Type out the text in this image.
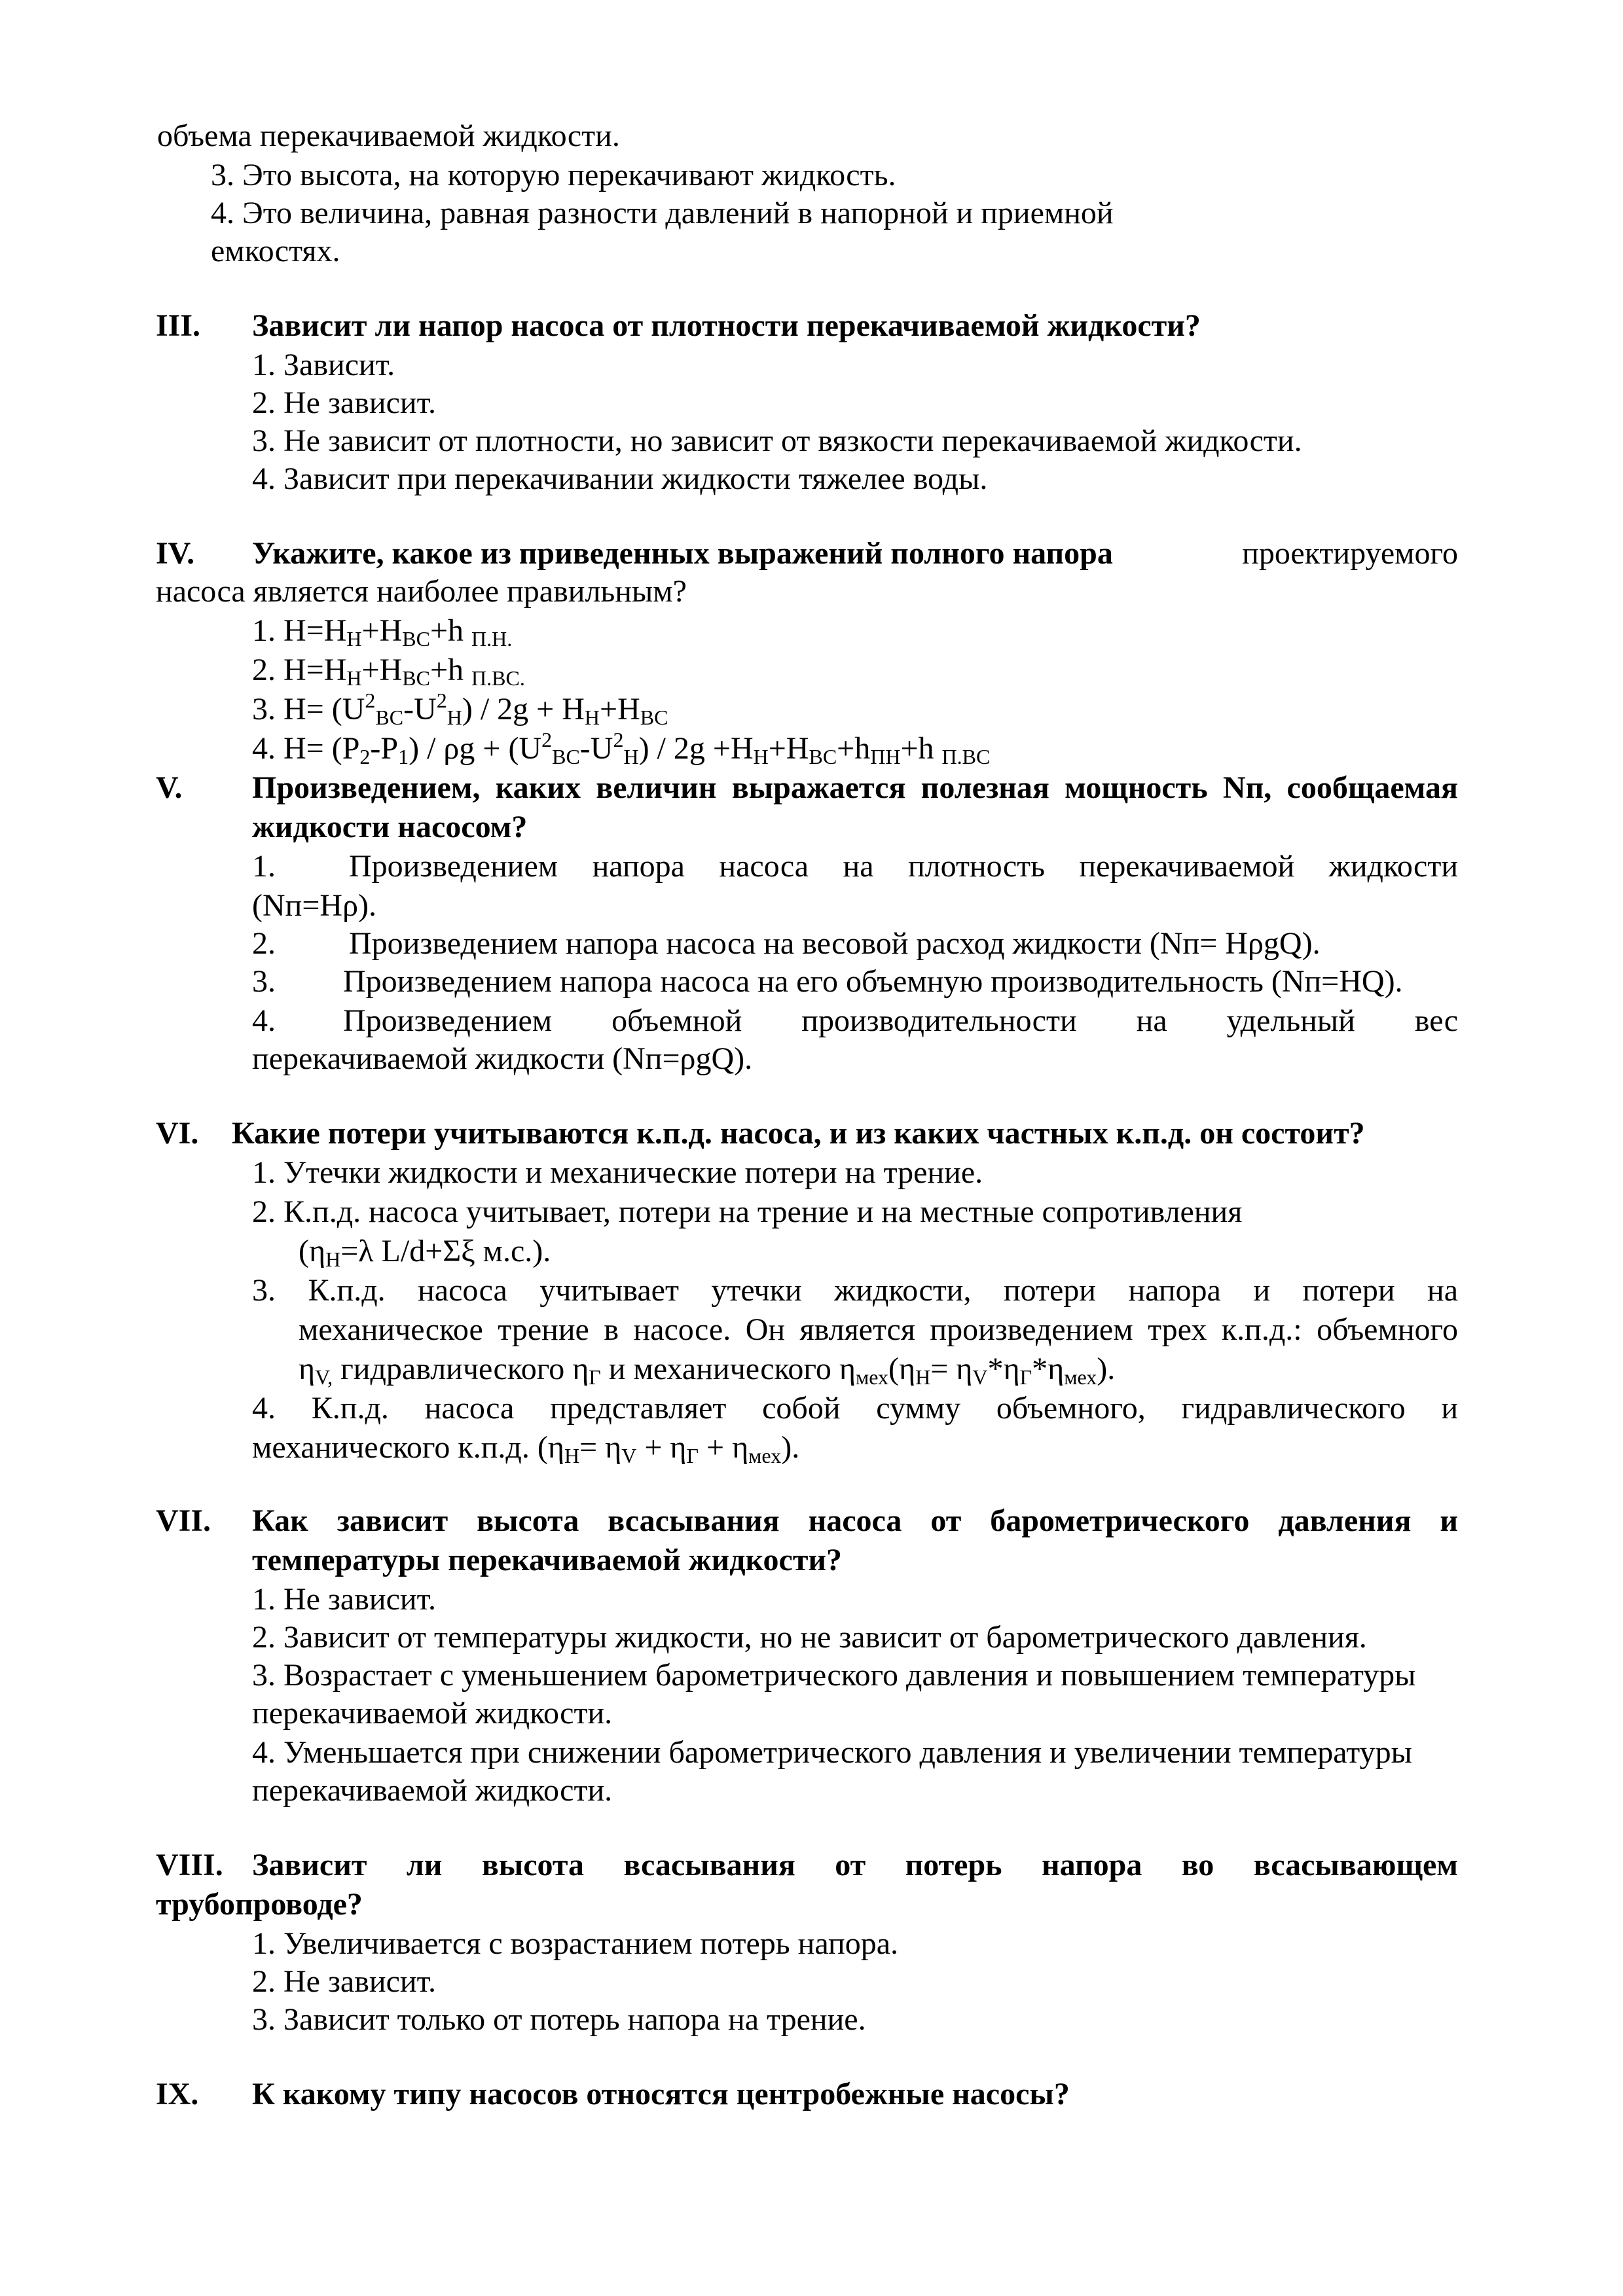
объема перекачиваемой жидкости.
3. Это высота, на которую перекачивают жидкость.
4. Это величина, равная разности давлений в напорной и приемной
емкостях.
III. Зависит ли напор насоса от плотности перекачиваемой жидкости?
1. Зависит.
2. Не зависит.
3. Не зависит от плотности, но зависит от вязкости перекачиваемой жидкости.
4. Зависит при перекачивании жидкости тяжелее воды.
IV. Укажите, какое из приведенных выражений полного напора	проектируемого
насоса является наиболее правильным?
1. $H=H_H+H_{BC}+h$ $_{П.Н.}$
2. $H=H_H+H_{BC}+h$ $_{П.ВС.}$
3. $H= (U^2_{BC}-U^2_H) / 2g + H_H+H_{BC}$
4. $H= (P_2-P_1) / \rho g + (U^2_{BC}-U^2_H) / 2g +H_H+H_{BC}+h_{ПН}+h$ $_{П.ВС}$
V. Произведением, каких величин выражается полезная мощность Nп, сообщаемая
жидкости насосом?
1. Произведением напора насоса на плотность перекачиваемой жидкости
(Nп=Hρ).
2. Произведением напора насоса на весовой расход жидкости (Nп= HρgQ).
3. Произведением напора насоса на его объемную производительность (Nп=HQ).
4. Произведением объемной производительности на удельный вес
перекачиваемой жидкости (Nп=ρgQ).
VI. Какие потери учитываются к.п.д. насоса, и из каких частных к.п.д. он состоит?
1. Утечки жидкости и механические потери на трение.
2. К.п.д. насоса учитывает, потери на трение и на местные сопротивления
($\eta_Н=\lambda$ L/d+Σξ м.с.).
3. К.п.д. насоса учитывает утечки жидкости, потери напора и потери на
механическое трение в насосе. Он является произведением трех к.п.д.: объемного
$\eta_{V,}$ гидравлического $\eta_Г$ и механического $\eta_{мех}(\eta_Н= \eta_V*\eta_Г*\eta_{мех})$.
4. К.п.д. насоса представляет собой сумму объемного, гидравлического и
механического к.п.д. $(\eta_Н= \eta_V + \eta_Г + \eta_{мех})$.
VII. Как зависит высота всасывания насоса от барометрического давления и
температуры перекачиваемой жидкости?
1. Не зависит.
2. Зависит от температуры жидкости, но не зависит от барометрического давления.
3. Возрастает с уменьшением барометрического давления и повышением температуры
перекачиваемой жидкости.
4. Уменьшается при снижении барометрического давления и увеличении температуры
перекачиваемой жидкости.
VIII. Зависит ли высота всасывания от потерь напора во всасывающем
трубопроводе?
1. Увеличивается с возрастанием потерь напора.
2. Не зависит.
3. Зависит только от потерь напора на трение.
IX. К какому типу насосов относятся центробежные насосы?
